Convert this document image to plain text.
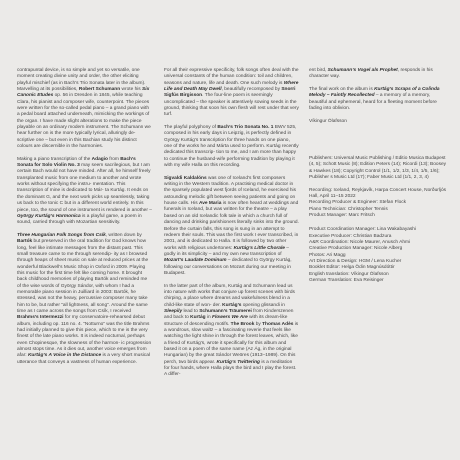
contrapuntal device, is so simple and yet so versatile, one moment creating divine unity and order, the other eliciting playful mischief (as in Bach’s Trio Sonata later in the album). Marvelling at its possibilities, Robert Schumann wrote his Six Canonic Etudes op. 56 in Dresden in 1845, while teaching Clara, his pianist and composer wife, counterpoint. The pieces were written for the so-called pedal piano – a grand piano with a pedal board attached underneath, mimicking the workings of the organ. I have made slight alterations to make the piece playable on an ordinary modern instrument. The Schumann we hear further on is the more typically lyrical, alluringly de- scriptive one – but even in this Bachian study his distinct colours are discernible in the harmonies.

Making a piano transcription of the Adagio from Bach’s Sonata for Solo Violin No. 3 may seem sacrilegious, but I am certain Bach would not have minded. After all, he himself freely transplanted music from one medium to another and wrote works without specifying the instru- mentation. This transcription of mine is dedicated to Már- ta Kurtág. It ends on the dominant G, and the next work picks up seamlessly, taking us back to the tonic C but in a different world entirely. In this piece, too, the sound of one instrument is rendered in another – György Kurtág’s Harmonica is a playful game, a poem in sound, carried through with Mozartian sensitivity.

Three Hungarian Folk Songs from Csík, written down by Bartók but preserved in the oral tradition for God knows how long, feel like intimate messages from the distant past. This small treasure came to me through serendip- ity as I browsed through heaps of sheet music on sale at reduced prices at the wonderful Blackwell’s Music Shop in Oxford in 2009. Playing this music for the first time felt like coming home. It brought back childhood memories of playing Bartók and reminded me of the wise words of György Sándor, with whom I had a memorable piano session in Juilliard in 2003: Bartók, he stressed, was not the heavy, percussive composer many take him to be, but rather “all lightness, all song”. Around the same time as I came across the songs from Csík, I received Brahms’s Intermezzi for my conservatoire-rehearsed debut album, including op. 116 no. 4. “Notturno” was the title Brahms had initially planned to give this piece, which to me is the very finest of the late piano works. It is indeed nocturnal, perhaps even Chopinesque, the slowness of the harmon- ic progression almost stops time. As it dies out, another voice emerges from afar: Kurtág’s A Voice in the Distance is a very short musical utterance that conveys a vastness of human experience.

For all their expressive specificity, folk songs often deal with the universal constants of the human condition: toil and children, seasons and nature, life and death. One such melody is Where Life and Death May Dwell, beautifully recomposed by Snorri Sigfús Birgisson. The four-line poem is seemingly uncomplicated – the speaker is attentively sowing seeds in the ground, thinking that soon his own flesh will rest under that very turf.

The playful polyphony of Bach’s Trio Sonata No. 1 BWV 525, composed in his early days in Leipzig, is perfectly defined in György Kurtág’s transcription for three hands on one piano, one of the works he and Márta used to perform. Kurtág recently dedicated this transcrip- tion to me, and I am more than happy to continue the husband-wife performing tradition by playing it with my wife Halla on this recording.

Sigvaldi Kaldalóns was one of Iceland’s first composers writing in the Western tradition. A practising medical doctor in the sparsely populated west fjords of Iceland, he exercised his astounding melodic gift between seeing patients and going on house calls. His Ave Maria is now often heard at weddings and funerals in Iceland, but was written for the theatre – a play based on an old Icelandic folk tale in which a church full of dancing and drinking parishioners literally sinks into the ground. Before the curtain falls, this song is sung in an attempt to redeem their souls. This was the first work I ever transcribed, in 2001, and is dedicated to Halla. It is followed by two other works with religious undertones: Kurtág’s Little Chorale – godly in its simplicity – and my own new transcription of Mozart’s Laudate Dominum – dedicated to György Kurtág, following our conversations on Mozart during our meeting in Budapest.

In the latter part of the album, Kurtág and Schumann lead us into nature with works that conjure up forest scenes with birds chirping, a place where dreams and wakefulness blend in a child-like state of won- der. Kurtág’s opening glissandi in Sleepily lead to Schumann’s Träumerei from Kinderszenen and back to Kurtág in Flowers We Are with its dream-like structure of descending motifs. The Brook by Thomas Adès is a wondrous, slow waltz – a fascinating reverie that feels like watching the light shine in through the forest leaves, which, like a friend of Kurtág’s, wrote it specifically for this album and based it on a poem of the same name (Az Ág, in the original Hungarian) by the great Sándor Weöres (1913–1989). On this perch, two birds appear. Kurtág’s Twittering is a meditation for four hands, where Halla plays the bird and I play the forest. A differ-

ent bird, Schumann’s Vogel als Prophet, responds in his character way.

The final work on the album is Kurtág’s Scraps of a Colinda Melody – Faintly Recollected – a memory of a memory, beautiful and ephemeral, heard for a fleeting moment before fading into oblivion.

Víkingur Ólafsson

Publishers: Universal Music Publishing / Editio Musica Budapest (4, 5); Schott Music (8); Edition Peters (14); Ricordi (13); Boosey & Hawkes (18); Copyright Control (1/1, 1/2, 1/3, 1/4, 1/5, 1/6); Publisher s Music Ltd (17); Faber Music Ltd (1/1, 2, 3, 4)

Recording: Iceland, Reykjavík, Harpa Concert House, Norðurljós Hall, April 11–15 2022

Recording Producer & Engineer: Stefan Flock

Piano Technician: Christopher Tennis

Product Manager: Marc Fritsch

Product Coordination Manager: Lina Wakabayashi

Executive Producer: Christian Badzura

A&R Coordination: Nicole Maurer, Anusch Ahmi

Creative Production Manager: Nicole Alberg

Photos: Ari Magg

Art Direction & Design: HGM / Lena Kucher

Booklet Editor: Helga Ödin Magnúsdóttir

English translation: Víkingur Ólafsson

German Translation: Eva Reisinger
